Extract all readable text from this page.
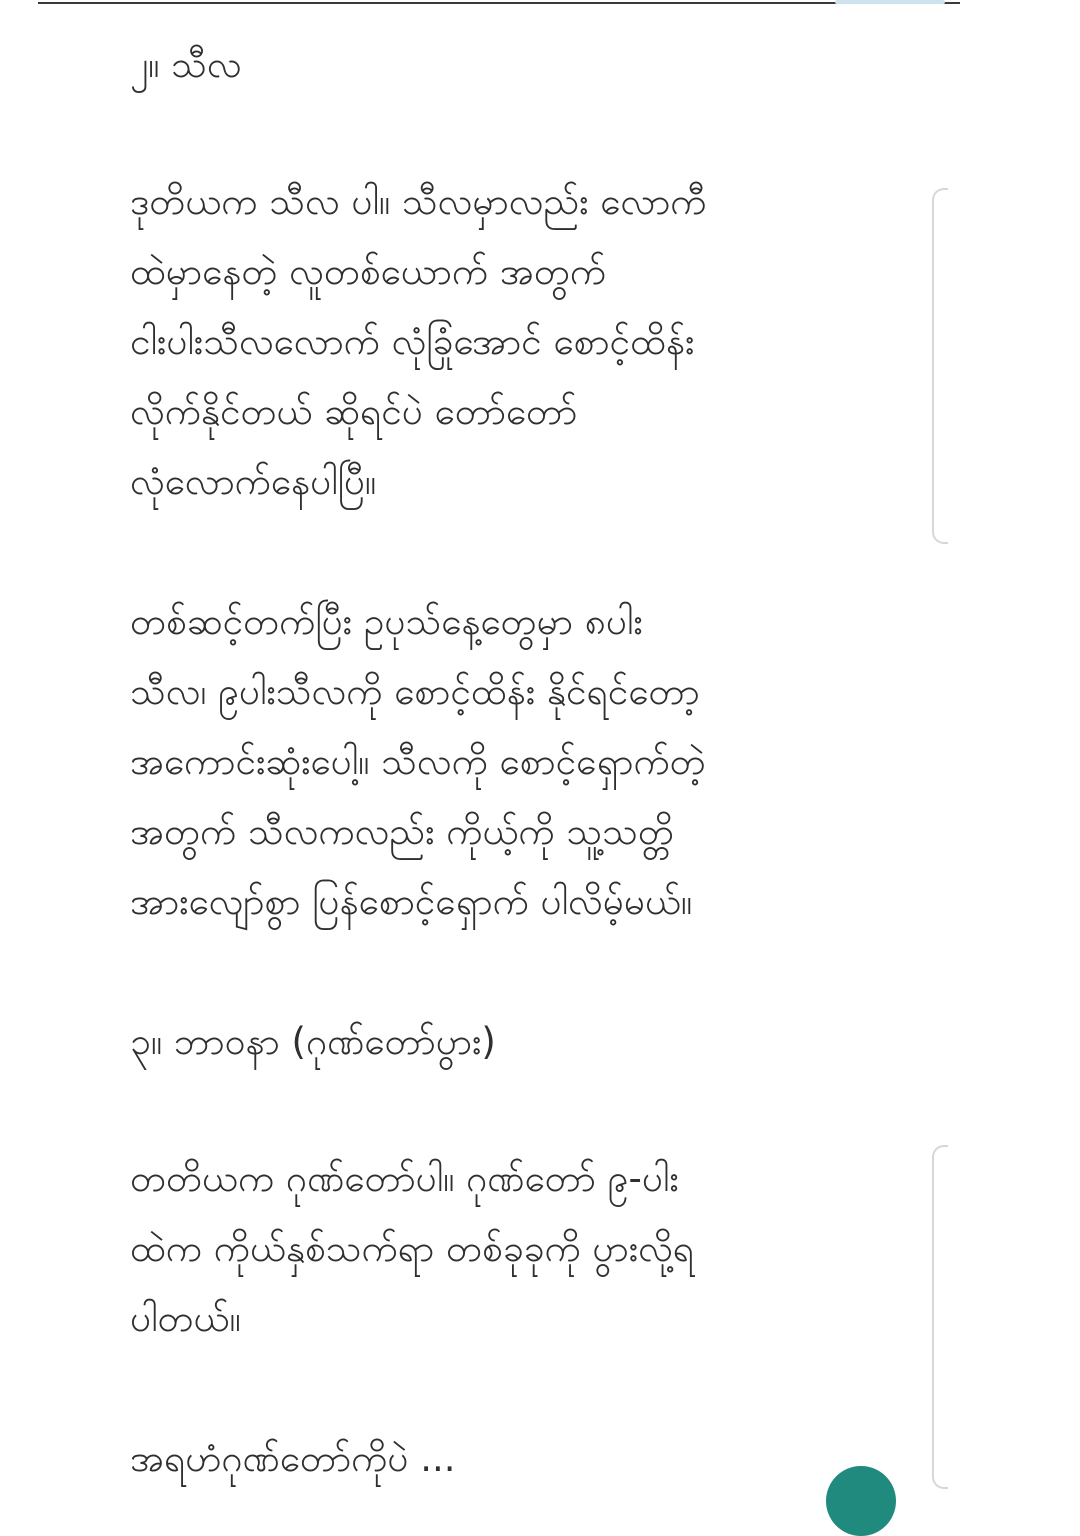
၂။ သီလ
ဒုတိယက သီလ ပါ။ သီလမှာလည်း လောကီ
ထဲမှာနေတဲ့ လူတစ်ယောက် အတွက်
ငါးပါးသီလလောက် လုံခြုံအောင် စောင့်ထိန်း
လိုက်နိုင်တယ် ဆိုရင်ပဲ တော်တော်
လုံလောက်နေပါပြီ။
တစ်ဆင့်တက်ပြီး ဥပုသ်နေ့တွေမှာ ၈ပါး
သီလ၊ ၉ပါးသီလကို စောင့်ထိန်း နိုင်ရင်တော့
အကောင်းဆုံးပေါ့။ သီလကို စောင့်ရှောက်တဲ့
အတွက် သီလကလည်း ကိုယ့်ကို သူ့သတ္တိ
အားလျော်စွာ ပြန်စောင့်ရှောက် ပါလိမ့်မယ်။
၃။ ဘာဝနာ (ဂုဏ်တော်ပွား)
တတိယက ဂုဏ်တော်ပါ။ ဂုဏ်တော် ၉-ပါး
ထဲက ကိုယ်နှစ်သက်ရာ တစ်ခုခုကို ပွားလို့ရ
ပါတယ်။
အရဟံဂုဏ်တော်ကိုပဲ ...
